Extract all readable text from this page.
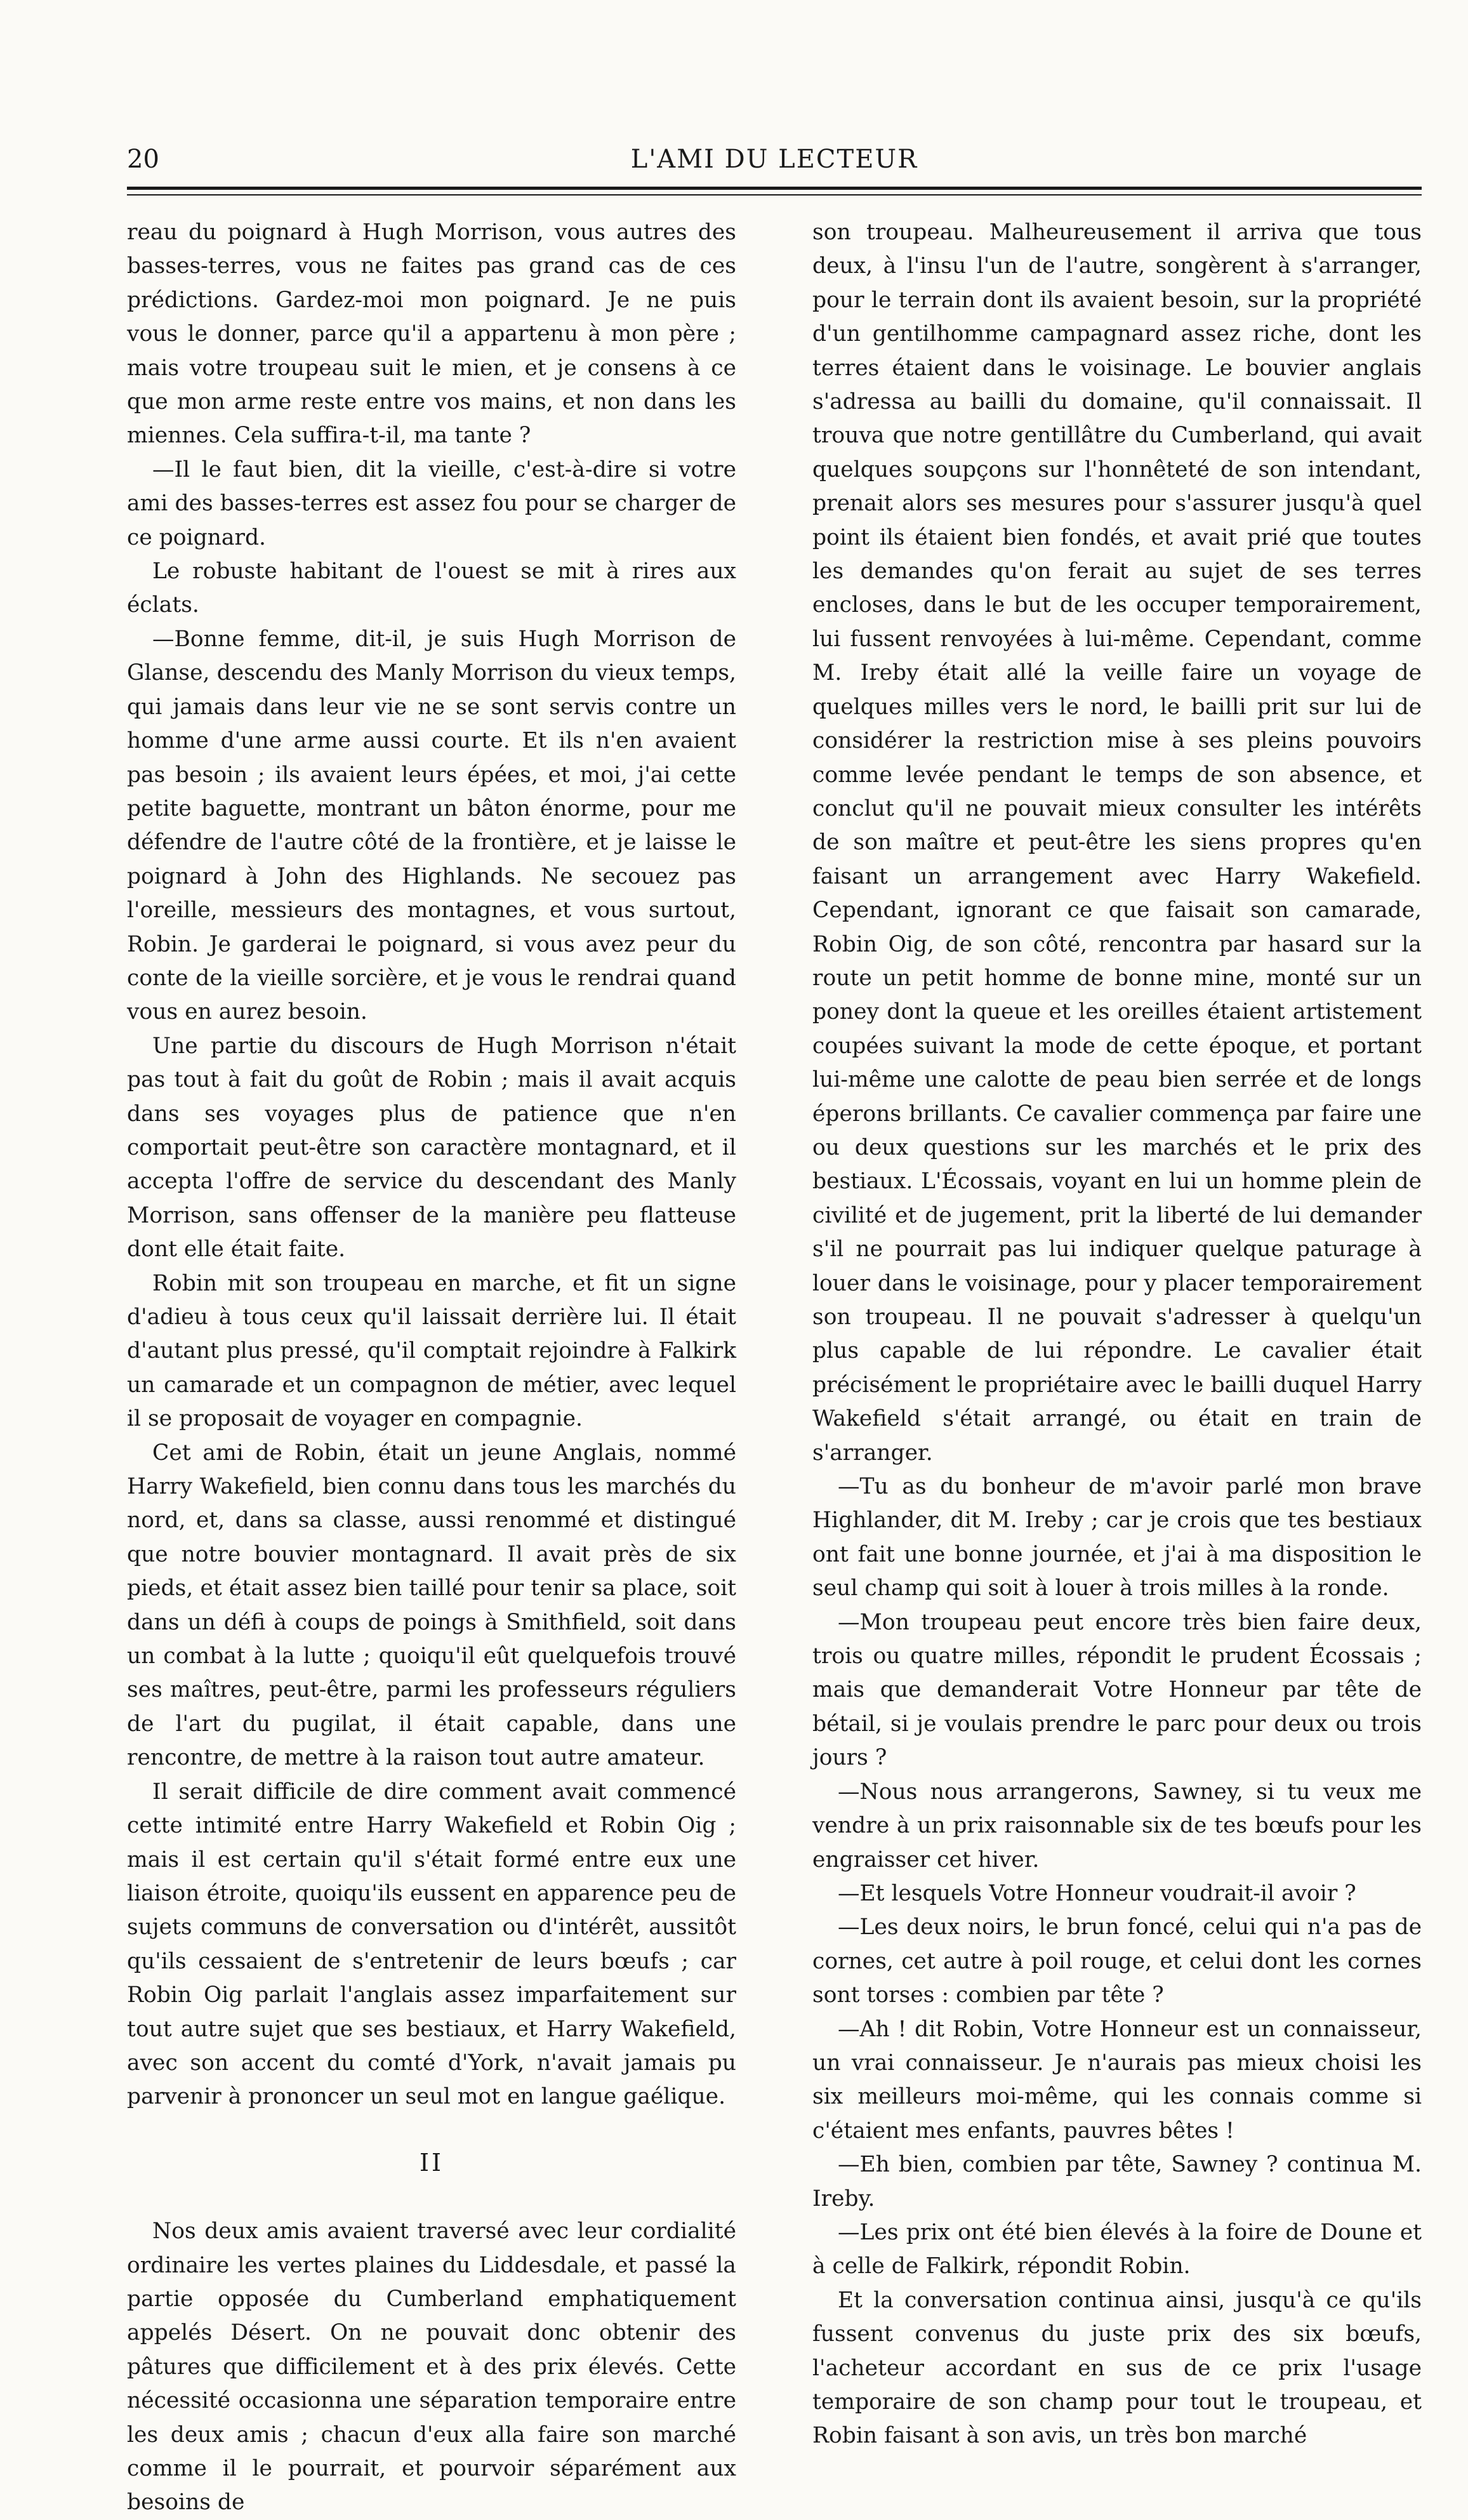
20	L'AMI DU LECTEUR

reau du poignard à Hugh Morrison, vous autres des basses-terres, vous ne faites pas grand cas de ces prédictions. Gardez-moi mon poignard. Je ne puis vous le donner, parce qu'il a appartenu à mon père ; mais votre troupeau suit le mien, et je consens à ce que mon arme reste entre vos mains, et non dans les miennes. Cela suffira-t-il, ma tante ?

—Il le faut bien, dit la vieille, c'est-à-dire si votre ami des basses-terres est assez fou pour se charger de ce poignard.

Le robuste habitant de l'ouest se mit à rires aux éclats.

—Bonne femme, dit-il, je suis Hugh Morrison de Glanse, descendu des Manly Morrison du vieux temps, qui jamais dans leur vie ne se sont servis contre un homme d'une arme aussi courte. Et ils n'en avaient pas besoin ; ils avaient leurs épées, et moi, j'ai cette petite baguette, montrant un bâton énorme, pour me défendre de l'autre côté de la frontière, et je laisse le poignard à John des Highlands. Ne secouez pas l'oreille, messieurs des montagnes, et vous surtout, Robin. Je garderai le poignard, si vous avez peur du conte de la vieille sorcière, et je vous le rendrai quand vous en aurez besoin.

Une partie du discours de Hugh Morrison n'était pas tout à fait du goût de Robin ; mais il avait acquis dans ses voyages plus de patience que n'en comportait peut-être son caractère montagnard, et il accepta l'offre de service du descendant des Manly Morrison, sans offenser de la manière peu flatteuse dont elle était faite.

Robin mit son troupeau en marche, et fit un signe d'adieu à tous ceux qu'il laissait derrière lui. Il était d'autant plus pressé, qu'il comptait rejoindre à Falkirk un camarade et un compagnon de métier, avec lequel il se proposait de voyager en compagnie.

Cet ami de Robin, était un jeune Anglais, nommé Harry Wakefield, bien connu dans tous les marchés du nord, et, dans sa classe, aussi renommé et distingué que notre bouvier montagnard. Il avait près de six pieds, et était assez bien taillé pour tenir sa place, soit dans un défi à coups de poings à Smithfield, soit dans un combat à la lutte ; quoiqu'il eût quelquefois trouvé ses maîtres, peut-être, parmi les professeurs réguliers de l'art du pugilat, il était capable, dans une rencontre, de mettre à la raison tout autre amateur.

Il serait difficile de dire comment avait commencé cette intimité entre Harry Wakefield et Robin Oig ; mais il est certain qu'il s'était formé entre eux une liaison étroite, quoiqu'ils eussent en apparence peu de sujets communs de conversation ou d'intérêt, aussitôt qu'ils cessaient de s'entretenir de leurs bœufs ; car Robin Oig parlait l'anglais assez imparfaitement sur tout autre sujet que ses bestiaux, et Harry Wakefield, avec son accent du comté d'York, n'avait jamais pu parvenir à prononcer un seul mot en langue gaélique.

II

Nos deux amis avaient traversé avec leur cordialité ordinaire les vertes plaines du Liddesdale, et passé la partie opposée du Cumberland emphatiquement appelés Désert. On ne pouvait donc obtenir des pâtures que difficilement et à des prix élevés. Cette nécessité occasionna une séparation temporaire entre les deux amis ; chacun d'eux alla faire son marché comme il le pourrait, et pourvoir séparément aux besoins de

son troupeau. Malheureusement il arriva que tous deux, à l'insu l'un de l'autre, songèrent à s'arranger, pour le terrain dont ils avaient besoin, sur la propriété d'un gentilhomme campagnard assez riche, dont les terres étaient dans le voisinage. Le bouvier anglais s'adressa au bailli du domaine, qu'il connaissait. Il trouva que notre gentillâtre du Cumberland, qui avait quelques soupçons sur l'honnêteté de son intendant, prenait alors ses mesures pour s'assurer jusqu'à quel point ils étaient bien fondés, et avait prié que toutes les demandes qu'on ferait au sujet de ses terres encloses, dans le but de les occuper temporairement, lui fussent renvoyées à lui-même. Cependant, comme M. Ireby était allé la veille faire un voyage de quelques milles vers le nord, le bailli prit sur lui de considérer la restriction mise à ses pleins pouvoirs comme levée pendant le temps de son absence, et conclut qu'il ne pouvait mieux consulter les intérêts de son maître et peut-être les siens propres qu'en faisant un arrangement avec Harry Wakefield. Cependant, ignorant ce que faisait son camarade, Robin Oig, de son côté, rencontra par hasard sur la route un petit homme de bonne mine, monté sur un poney dont la queue et les oreilles étaient artistement coupées suivant la mode de cette époque, et portant lui-même une calotte de peau bien serrée et de longs éperons brillants. Ce cavalier commença par faire une ou deux questions sur les marchés et le prix des bestiaux. L'Écossais, voyant en lui un homme plein de civilité et de jugement, prit la liberté de lui demander s'il ne pourrait pas lui indiquer quelque paturage à louer dans le voisinage, pour y placer temporairement son troupeau. Il ne pouvait s'adresser à quelqu'un plus capable de lui répondre. Le cavalier était précisément le propriétaire avec le bailli duquel Harry Wakefield s'était arrangé, ou était en train de s'arranger.

—Tu as du bonheur de m'avoir parlé mon brave Highlander, dit M. Ireby ; car je crois que tes bestiaux ont fait une bonne journée, et j'ai à ma disposition le seul champ qui soit à louer à trois milles à la ronde.

—Mon troupeau peut encore très bien faire deux, trois ou quatre milles, répondit le prudent Écossais ; mais que demanderait Votre Honneur par tête de bétail, si je voulais prendre le parc pour deux ou trois jours ?

—Nous nous arrangerons, Sawney, si tu veux me vendre à un prix raisonnable six de tes bœufs pour les engraisser cet hiver.

—Et lesquels Votre Honneur voudrait-il avoir ?

—Les deux noirs, le brun foncé, celui qui n'a pas de cornes, cet autre à poil rouge, et celui dont les cornes sont torses : combien par tête ?

—Ah ! dit Robin, Votre Honneur est un connaisseur, un vrai connaisseur. Je n'aurais pas mieux choisi les six meilleurs moi-même, qui les connais comme si c'étaient mes enfants, pauvres bêtes !

—Eh bien, combien par tête, Sawney ? continua M. Ireby.

—Les prix ont été bien élevés à la foire de Doune et à celle de Falkirk, répondit Robin.

Et la conversation continua ainsi, jusqu'à ce qu'ils fussent convenus du juste prix des six bœufs, l'acheteur accordant en sus de ce prix l'usage temporaire de son champ pour tout le troupeau, et Robin faisant à son avis, un très bon marché
